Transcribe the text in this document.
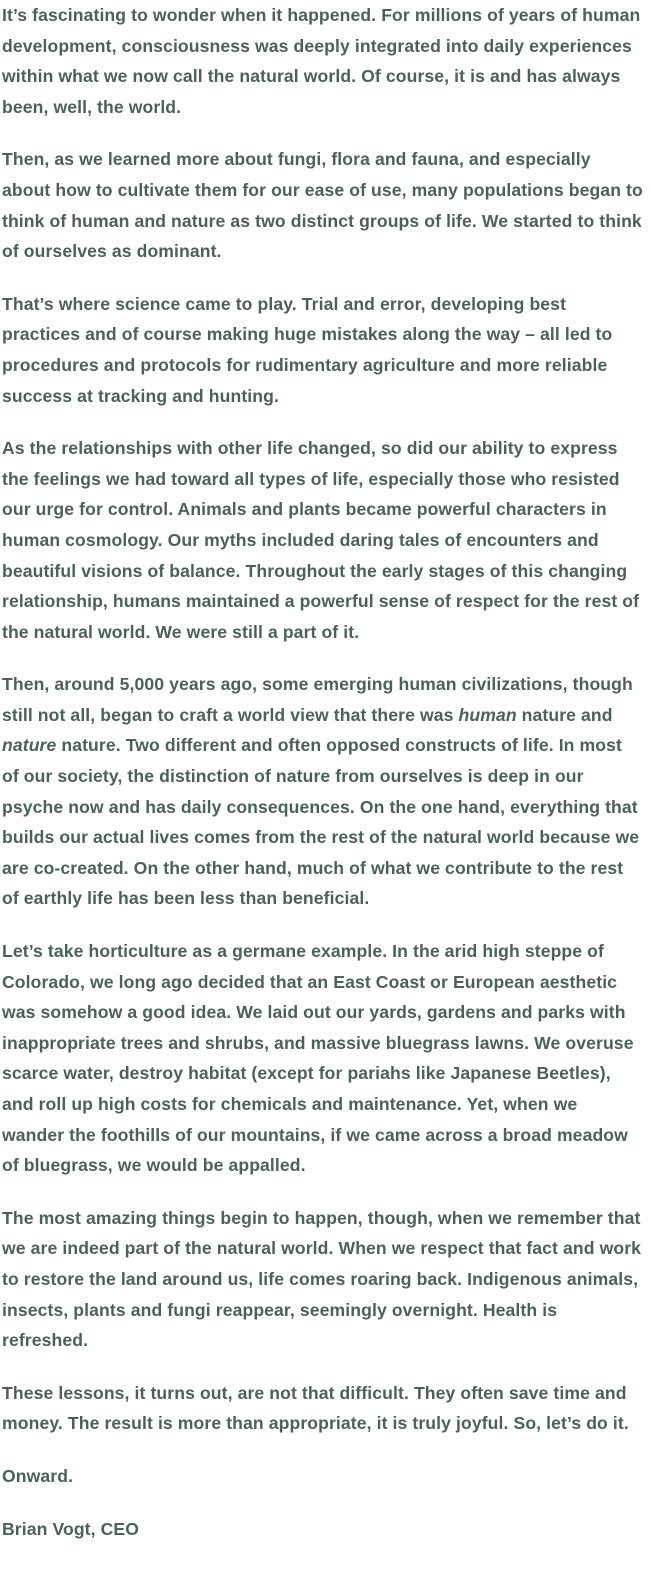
It’s fascinating to wonder when it happened. For millions of years of human development, consciousness was deeply integrated into daily experiences within what we now call the natural world. Of course, it is and has always been, well, the world.

Then, as we learned more about fungi, flora and fauna, and especially about how to cultivate them for our ease of use, many populations began to think of human and nature as two distinct groups of life. We started to think of ourselves as dominant.

That’s where science came to play. Trial and error, developing best practices and of course making huge mistakes along the way – all led to procedures and protocols for rudimentary agriculture and more reliable success at tracking and hunting.

As the relationships with other life changed, so did our ability to express the feelings we had toward all types of life, especially those who resisted our urge for control. Animals and plants became powerful characters in human cosmology. Our myths included daring tales of encounters and beautiful visions of balance. Throughout the early stages of this changing relationship, humans maintained a powerful sense of respect for the rest of the natural world. We were still a part of it.

Then, around 5,000 years ago, some emerging human civilizations, though still not all, began to craft a world view that there was human nature and nature nature. Two different and often opposed constructs of life. In most of our society, the distinction of nature from ourselves is deep in our psyche now and has daily consequences. On the one hand, everything that builds our actual lives comes from the rest of the natural world because we are co-created. On the other hand, much of what we contribute to the rest of earthly life has been less than beneficial.

Let’s take horticulture as a germane example. In the arid high steppe of Colorado, we long ago decided that an East Coast or European aesthetic was somehow a good idea. We laid out our yards, gardens and parks with inappropriate trees and shrubs, and massive bluegrass lawns. We overuse scarce water, destroy habitat (except for pariahs like Japanese Beetles), and roll up high costs for chemicals and maintenance. Yet, when we wander the foothills of our mountains, if we came across a broad meadow of bluegrass, we would be appalled.

The most amazing things begin to happen, though, when we remember that we are indeed part of the natural world. When we respect that fact and work to restore the land around us, life comes roaring back. Indigenous animals, insects, plants and fungi reappear, seemingly overnight. Health is refreshed.

These lessons, it turns out, are not that difficult. They often save time and money. The result is more than appropriate, it is truly joyful. So, let’s do it.

Onward.

Brian Vogt, CEO
